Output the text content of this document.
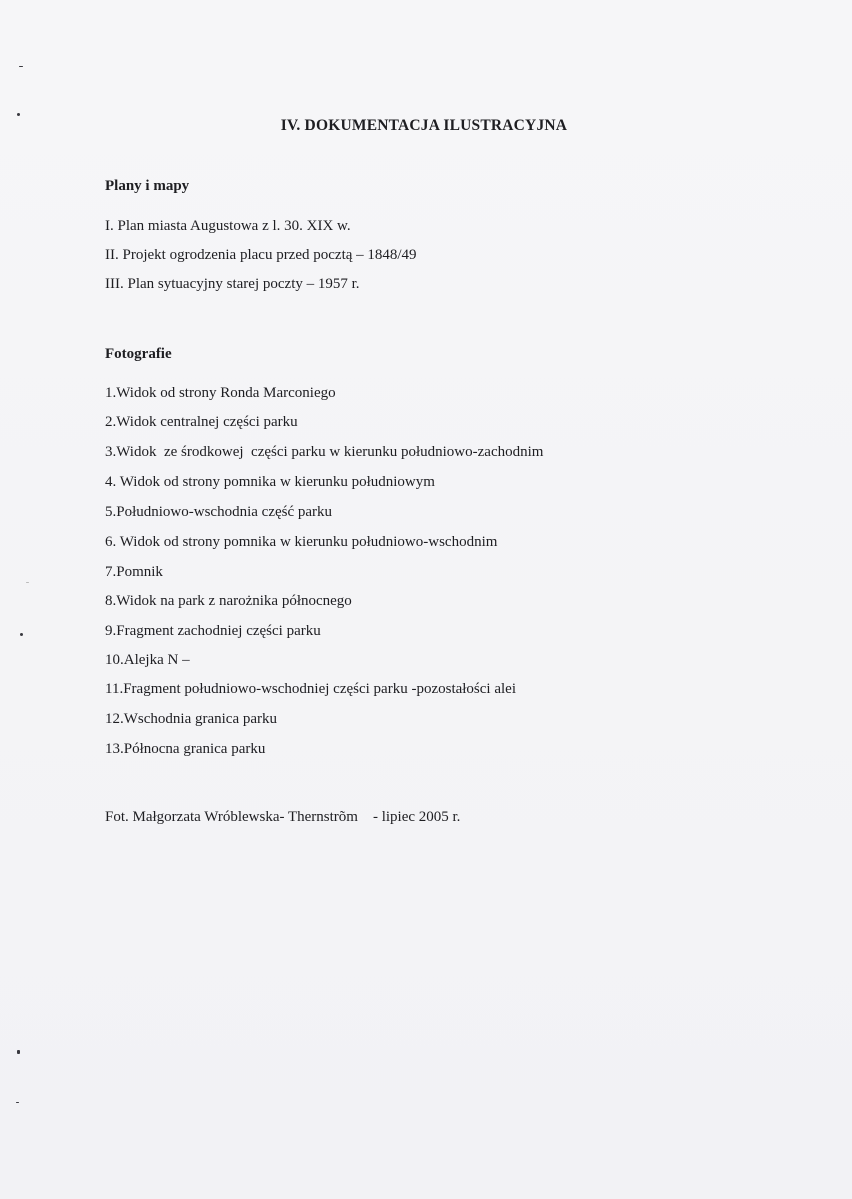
IV. DOKUMENTACJA ILUSTRACYJNA
Plany i mapy
I. Plan miasta Augustowa z l. 30. XIX w.
II. Projekt ogrodzenia placu przed pocztą – 1848/49
III. Plan sytuacyjny starej poczty – 1957 r.
Fotografie
1.Widok od strony Ronda Marconiego
2.Widok centralnej części parku
3.Widok  ze środkowej  części parku w kierunku południowo-zachodnim
4. Widok od strony pomnika w kierunku południowym
5.Południowo-wschodnia część parku
6. Widok od strony pomnika w kierunku południowo-wschodnim
7.Pomnik
8.Widok na park z narożnika północnego
9.Fragment zachodniej części parku
10.Alejka N –
11.Fragment południowo-wschodniej części parku -pozostałości alei
12.Wschodnia granica parku
13.Północna granica parku
Fot. Małgorzata Wróblewska- Thernstrõm    - lipiec 2005 r.
